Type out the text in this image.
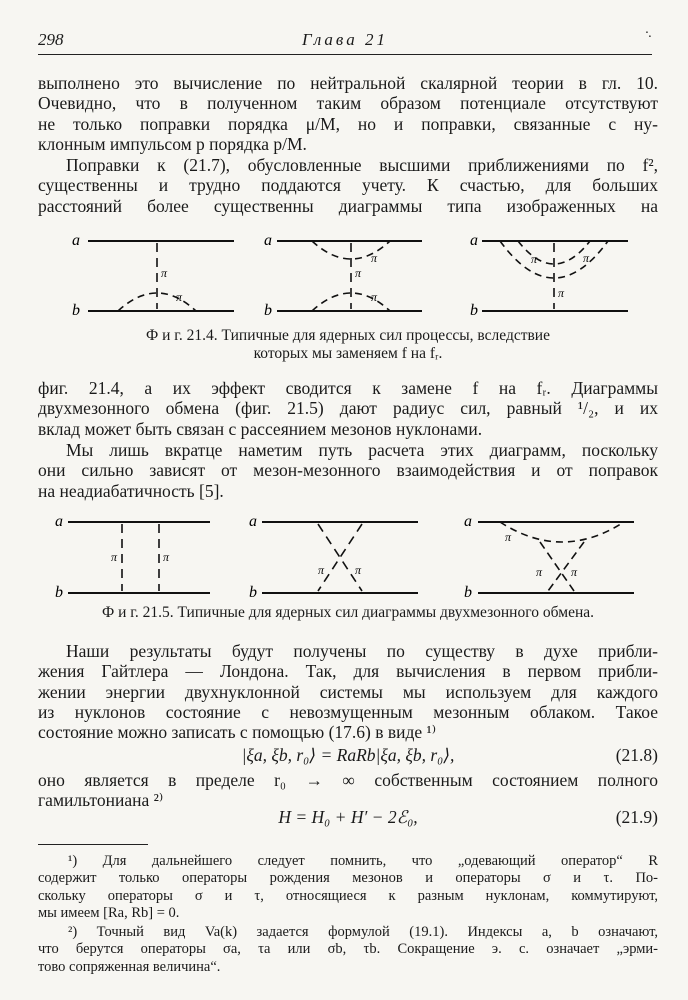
298	Глава 21	·.
выполнено это вычисление по нейтральной скалярной теории в гл. 10.
Очевидно, что в полученном таким образом потенциале отсутствуют
не только поправки порядка μ/M, но и поправки, связанные с ну-
клонным импульсом p порядка p/M.
Поправки к (21.7), обусловленные высшими приближениями по f²,
существенны и трудно поддаются учету. К счастью, для больших
расстояний более существенны диаграммы типа изображенных на
a
b
a
b
a
b
π
π
π
π
π
π	π
π
Ф и г. 21.4. Типичные для ядерных сил процессы, вследствие
которых мы заменяем f на fᵣ.
фиг. 21.4, а их эффект сводится к замене f на fᵣ. Диаграммы
двухмезонного обмена (фиг. 21.5) дают радиус сил, равный ¹/₂, и их
вклад может быть связан с рассеянием мезонов нуклонами.
Мы лишь вкратце наметим путь расчета этих диаграмм, поскольку
они сильно зависят от мезон-мезонного взаимодействия и от поправок
на неадиабатичность [5].
a
b
a
b
a
b
π	π
π	π
π
π π
Ф и г. 21.5. Типичные для ядерных сил диаграммы двухмезонного обмена.
Наши результаты будут получены по существу в духе прибли-
жения Гайтлера — Лондона. Так, для вычисления в первом прибли-
жении энергии двухнуклонной системы мы используем для каждого
из нуклонов состояние с невозмущенным мезонным облаком. Такое
состояние можно записать с помощью (17.6) в виде ¹⁾
|ξa, ξb, r₀⟩ = RaRb|ξa, ξb, r₀⟩,	(21.8)
оно является в пределе r₀ → ∞ собственным состоянием полного
гамильтониана ²⁾
H = H₀ + H′ − 2ℰ₀,	(21.9)
¹) Для дальнейшего следует помнить, что „одевающий оператор“ R
содержит только операторы рождения мезонов и операторы σ и τ. По-
скольку операторы σ и τ, относящиеся к разным нуклонам, коммутируют,
мы имеем [Ra, Rb] = 0.
²) Точный вид Va(k) задается формулой (19.1). Индексы a, b означают,
что берутся операторы σa, τa или σb, τb. Сокращение э. с. означает „эрми-
тово сопряженная величина“.
